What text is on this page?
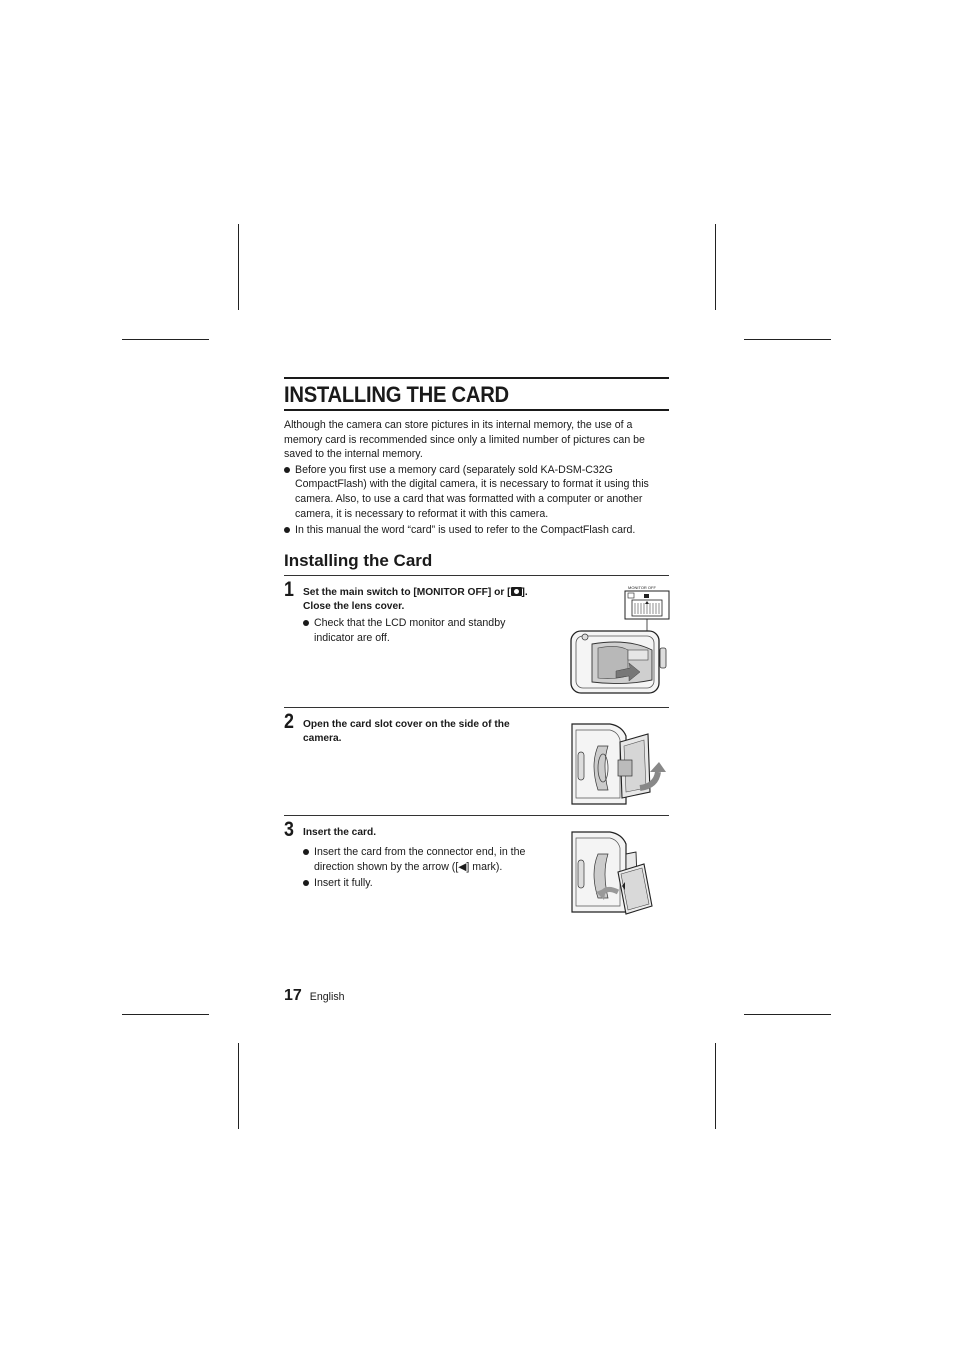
INSTALLING THE CARD

Although the camera can store pictures in its internal memory, the use of a memory card is recommended since only a limited number of pictures can be saved to the internal memory.

Before you first use a memory card (separately sold KA-DSM-C32G CompactFlash) with the digital camera, it is necessary to format it using this camera. Also, to use a card that was formatted with a computer or another camera, it is necessary to reformat it with this camera.
In this manual the word “card” is used to refer to the CompactFlash card.
Installing the Card
1 Set the main switch to [MONITOR OFF] or [ ]. Close the lens cover.

Check that the LCD monitor and standby indicator are off.
MONITOR OFF
2 Open the card slot cover on the side of the camera.

3 Insert the card.

Insert the card from the connector end, in the direction shown by the arrow ([◀] mark).
Insert it fully.
17 English
